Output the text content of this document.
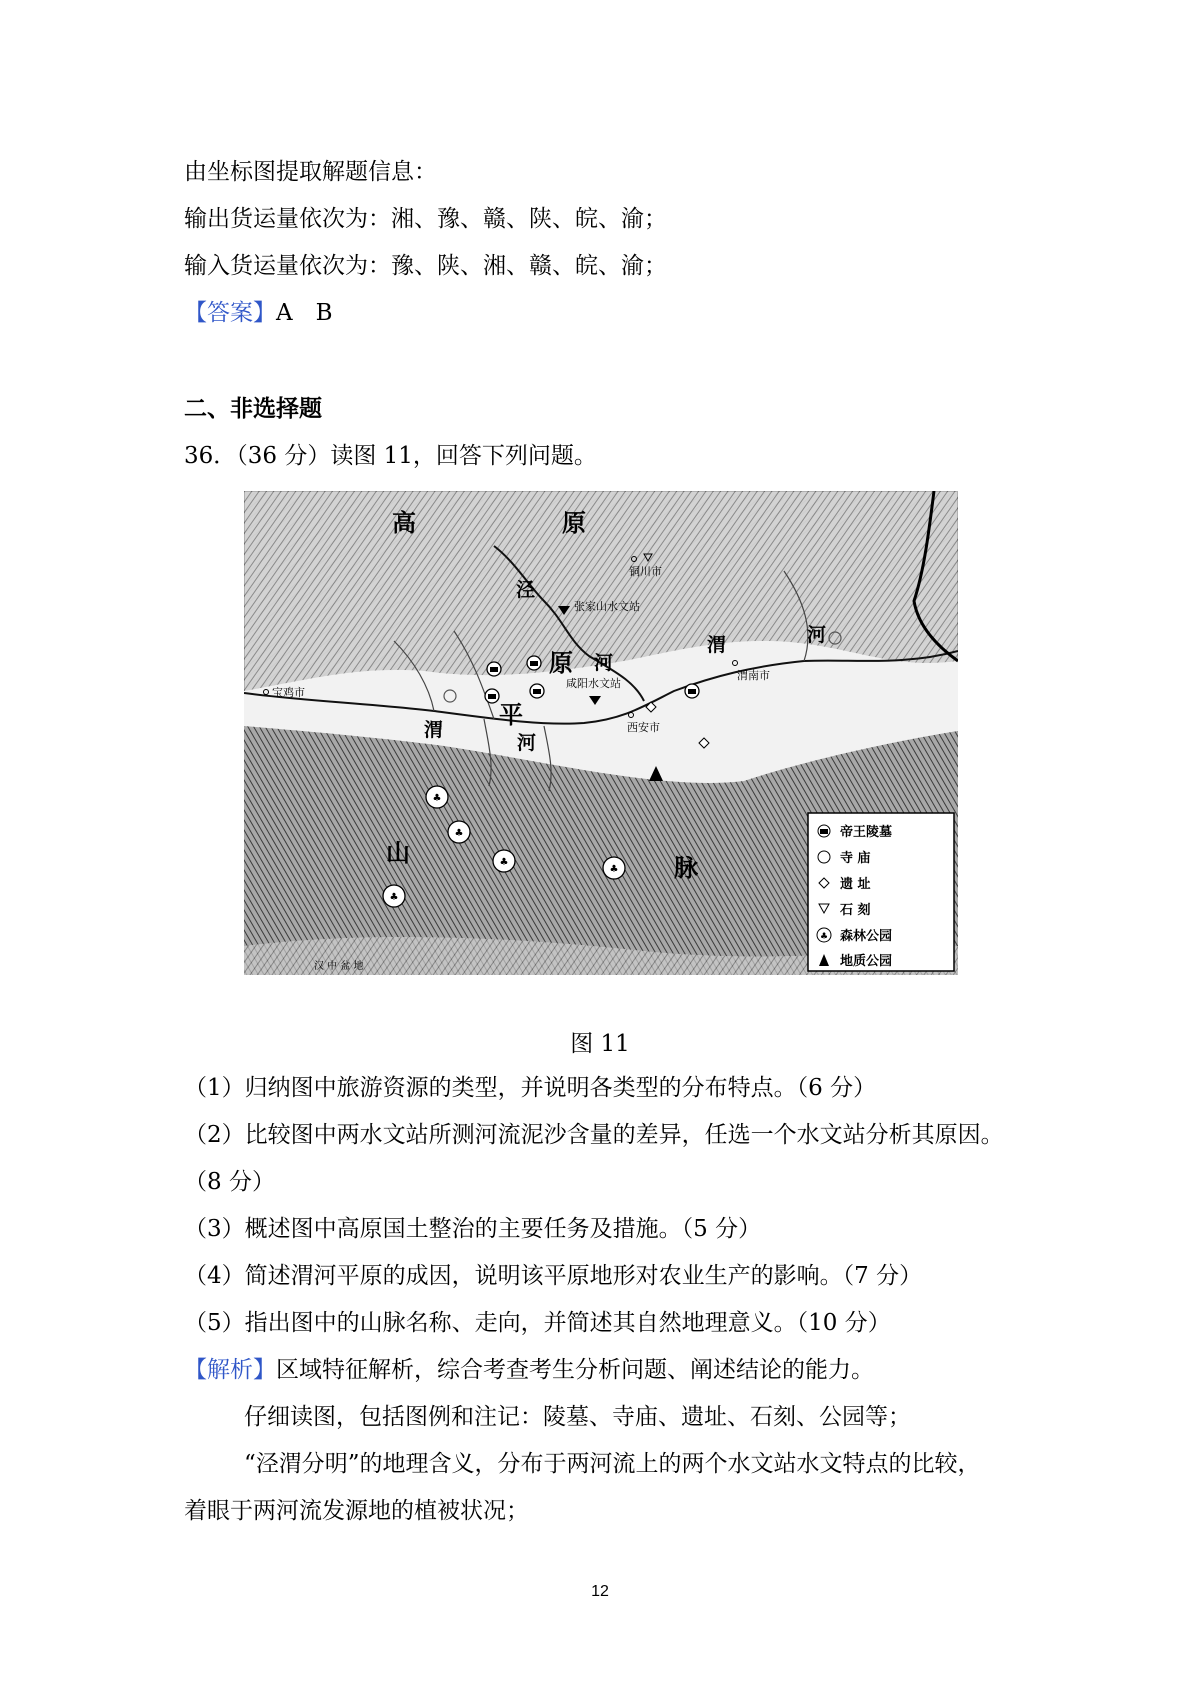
由坐标图提取解题信息：
输出货运量依次为：湘、豫、赣、陕、皖、渝；
输入货运量依次为：豫、陕、湘、赣、皖、渝；
【答案】A　B
二、非选择题
36．（36 分）读图 11，回答下列问题。
高	原
原
平
山
脉
泾
河
渭	河
渭
河
铜川市
张家山水文站
咸阳水文站
宝鸡市
渭南市
西安市
汉 中 盆 地
♣
♣
♣
♣
♣
帝王陵墓
寺 庙
遗 址
石 刻
♣ 森林公园
地质公园
图 11
（1）归纳图中旅游资源的类型，并说明各类型的分布特点。（6 分）
（2）比较图中两水文站所测河流泥沙含量的差异，任选一个水文站分析其原因。
（8 分）
（3）概述图中高原国土整治的主要任务及措施。（5 分）
（4）简述渭河平原的成因，说明该平原地形对农业生产的影响。（7 分）
（5）指出图中的山脉名称、走向，并简述其自然地理意义。（10 分）
【解析】区域特征解析，综合考查考生分析问题、阐述结论的能力。
仔细读图，包括图例和注记：陵墓、寺庙、遗址、石刻、公园等；
“泾渭分明”的地理含义，分布于两河流上的两个水文站水文特点的比较，
着眼于两河流发源地的植被状况；
12
